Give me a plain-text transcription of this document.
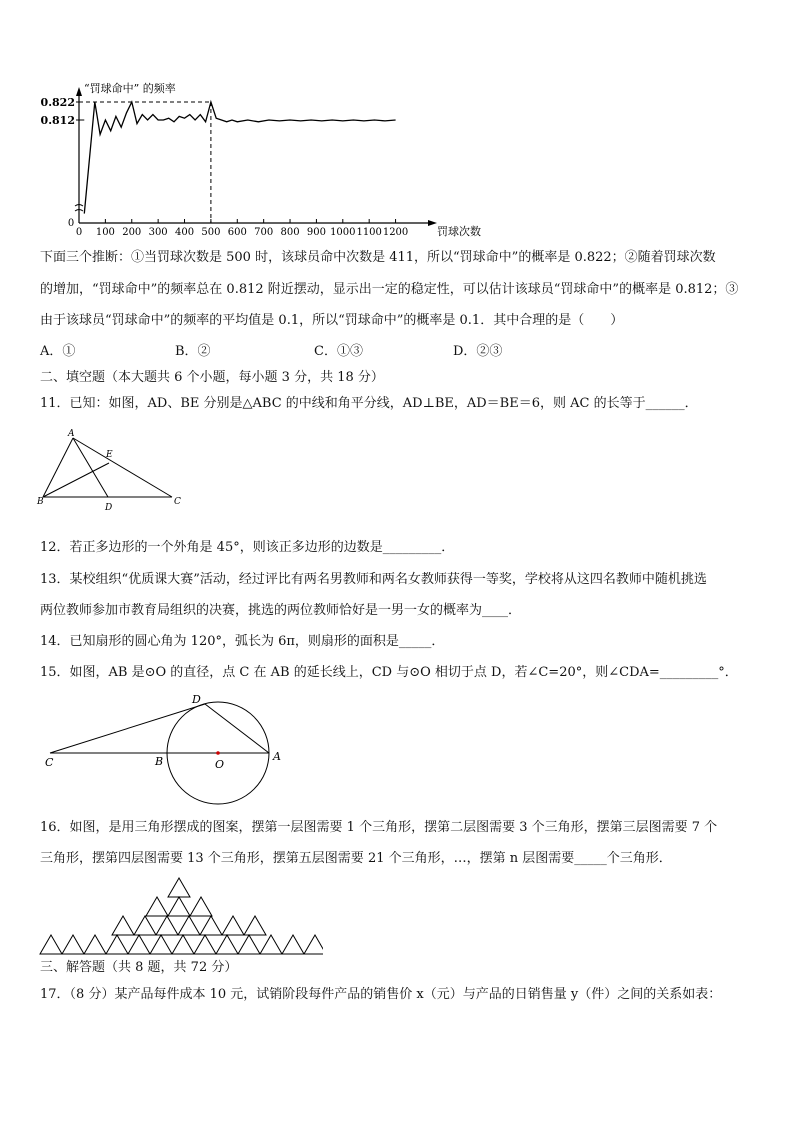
0 100 200 300 400 500 600 700 800 900 1000 1100 1200
0
0.812
0.822
“罚球命中” 的频率
罚球次数
下面三个推断：①当罚球次数是 500 时，该球员命中次数是 411，所以“罚球命中”的概率是 0.822；②随着罚球次数
的增加，“罚球命中”的频率总在 0.812 附近摆动，显示出一定的稳定性，可以估计该球员“罚球命中”的概率是 0.812；③
由于该球员“罚球命中”的频率的平均值是 0.1，所以“罚球命中”的概率是 0.1．其中合理的是（　　）
A．①	B．②	C．①③	D．②③
二、填空题（本大题共 6 个小题，每小题 3 分，共 18 分）
11．已知：如图，AD、BE 分别是△ABC 的中线和角平分线，AD⊥BE，AD＝BE＝6，则 AC 的长等于______．
A
E
B
D
C
12．若正多边形的一个外角是 45°，则该正多边形的边数是_________．
13．某校组织“优质课大赛”活动，经过评比有两名男教师和两名女教师获得一等奖，学校将从这四名教师中随机挑选
两位教师参加市教育局组织的决赛，挑选的两位教师恰好是一男一女的概率为____．
14．已知扇形的圆心角为 120°，弧长为 6π，则扇形的面积是_____．
15．如图，AB 是⊙O 的直径，点 C 在 AB 的延长线上，CD 与⊙O 相切于点 D，若∠C=20°，则∠CDA=_________°．
D
C	B	O
A
16．如图，是用三角形摆成的图案，摆第一层图需要 1 个三角形，摆第二层图需要 3 个三角形，摆第三层图需要 7 个
三角形，摆第四层图需要 13 个三角形，摆第五层图需要 21 个三角形，…，摆第 n 层图需要_____个三角形．
三、解答题（共 8 题，共 72 分）
17．（8 分）某产品每件成本 10 元，试销阶段每件产品的销售价 x（元）与产品的日销售量 y（件）之间的关系如表：
